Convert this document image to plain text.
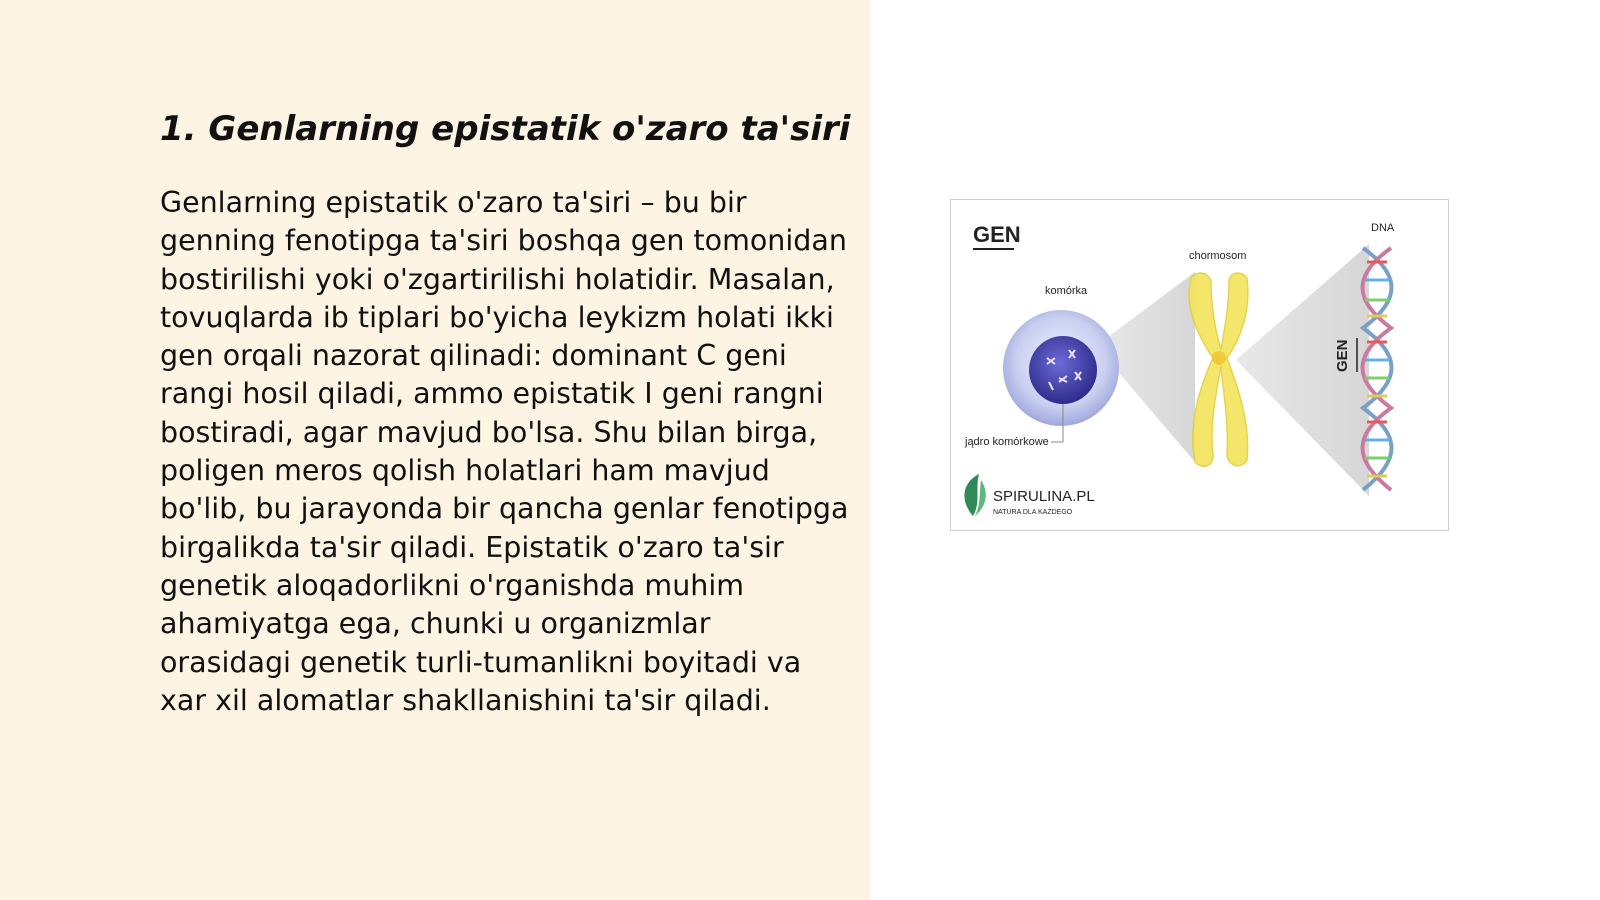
1. Genlarning epistatik o'zaro ta'siri

Genlarning epistatik o'zaro ta'siri – bu bir genning fenotipga ta'siri boshqa gen tomonidan bostirilishi yoki o'zgartirilishi holatidir. Masalan, tovuqlarda ib tiplari bo'yicha leykizm holati ikki gen orqali nazorat qilinadi: dominant C geni rangi hosil qiladi, ammo epistatik I geni rangni bostiradi, agar mavjud bo'lsa. Shu bilan birga, poligen meros qolish holatlari ham mavjud bo'lib, bu jarayonda bir qancha genlar fenotipga birgalikda ta'sir qiladi. Epistatik o'zaro ta'sir genetik aloqadorlikni o'rganishda muhim ahamiyatga ega, chunki u organizmlar orasidagi genetik turli-tumanlikni boyitadi va xar xil alomatlar shakllanishini ta'sir qiladi.

GEN
GEN
komórka
chormosom
DNA
jądro komórkowe
SPIRULINA.PL
NATURA DLA KAŻDEGO
